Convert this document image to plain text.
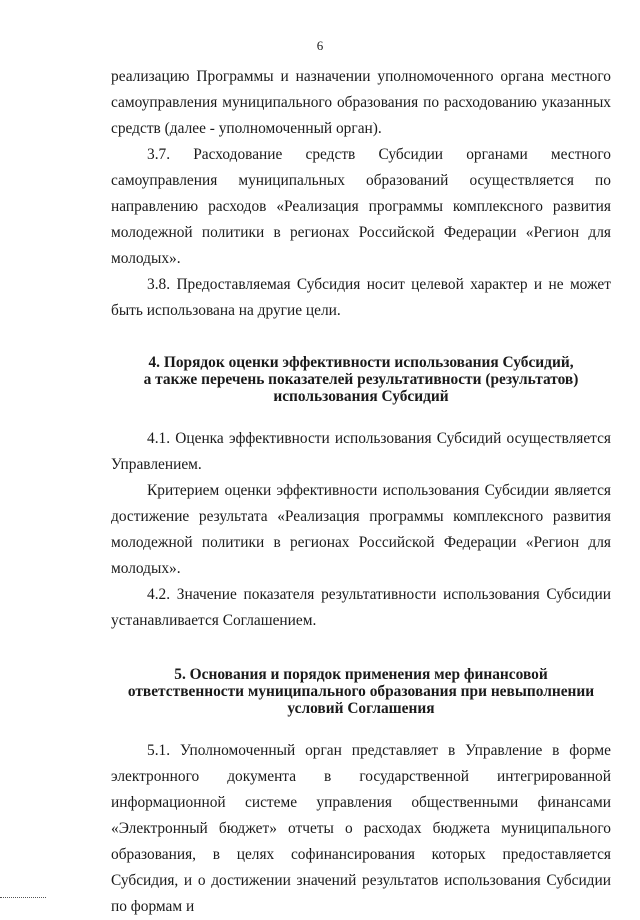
6

реализацию Программы и назначении уполномоченного органа местного самоуправления муниципального образования по расходованию указанных средств (далее - уполномоченный орган).

3.7. Расходование средств Субсидии органами местного самоуправления муниципальных образований осуществляется по направлению расходов «Реализация программы комплексного развития молодежной политики в регионах Российской Федерации «Регион для молодых».

3.8. Предоставляемая Субсидия носит целевой характер и не может быть использована на другие цели.

4. Порядок оценки эффективности использования Субсидий,
а также перечень показателей результативности (результатов)
использования Субсидий

4.1. Оценка эффективности использования Субсидий осуществляется Управлением.

Критерием оценки эффективности использования Субсидии является достижение результата «Реализация программы комплексного развития молодежной политики в регионах Российской Федерации «Регион для молодых».

4.2. Значение показателя результативности использования Субсидии устанавливается Соглашением.

5. Основания и порядок применения мер финансовой
ответственности муниципального образования при невыполнении
условий Соглашения

5.1. Уполномоченный орган представляет в Управление в форме электронного документа в государственной интегрированной информационной системе управления общественными финансами «Электронный бюджет» отчеты о расходах бюджета муниципального образования, в целях софинансирования которых предоставляется Субсидия, и о достижении значений результатов использования Субсидии по формам и
